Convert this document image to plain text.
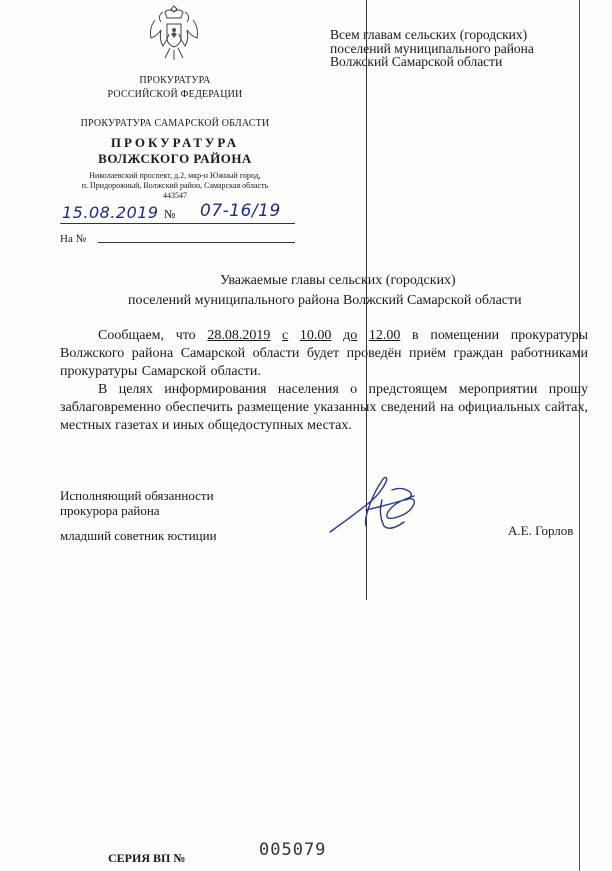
Всем главам сельских (городских)
поселений муниципального района
Волжский Самарской области
ПРОКУРАТУРА
РОССИЙСКОЙ ФЕДЕРАЦИИ
ПРОКУРАТУРА САМАРСКОЙ ОБЛАСТИ
ПРОКУРАТУРА
ВОЛЖСКОГО РАЙОНА
Николаевский проспект, д.2, мкр-н Южный город,
п. Придорожный, Волжский район, Самарская область
443547
15.08.2019 № 07-16/19
На №
Уважаемые главы сельских (городских)
поселений муниципального района Волжский Самарской области
Сообщаем, что 28.08.2019 с 10.00 до 12.00 в помещении прокуратуры Волжского района Самарской области будет проведён приём граждан работниками прокуратуры Самарской области.
В целях информирования населения о предстоящем мероприятии прошу заблаговременно обеспечить размещение указанных сведений на официальных сайтах, местных газетах и иных общедоступных местах.
Исполняющий обязанности
прокурора района
младший советник юстиции	А.Е. Горлов
СЕРИЯ ВП №	005079
